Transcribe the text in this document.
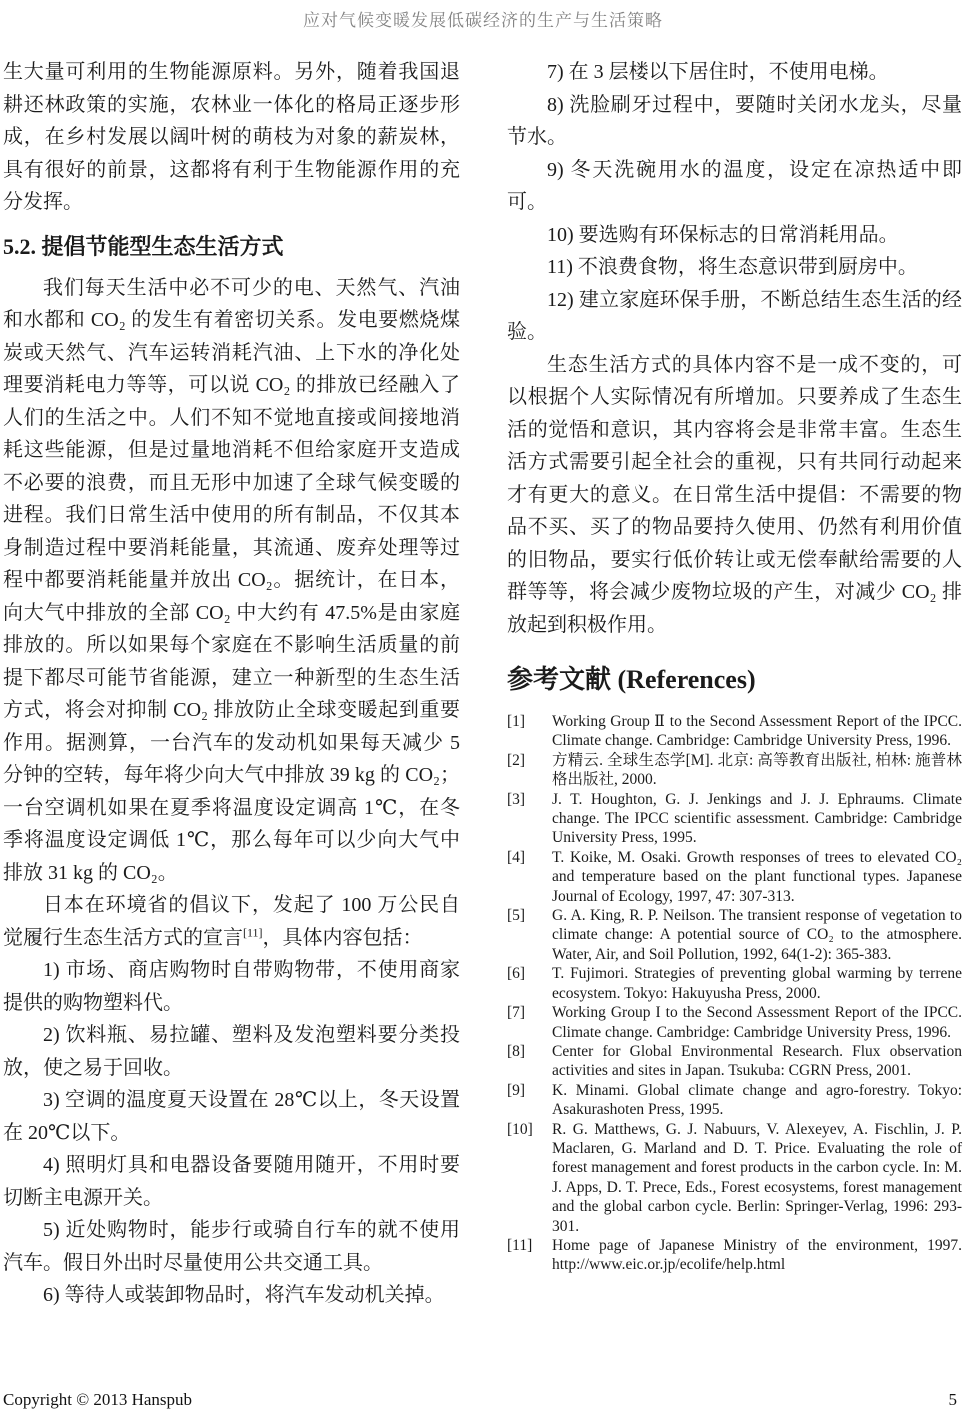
应对气候变暖发展低碳经济的生产与生活策略

生大量可利用的生物能源原料。另外，随着我国退耕还林政策的实施，农林业一体化的格局正逐步形成，在乡村发展以阔叶树的萌枝为对象的薪炭林，具有很好的前景，这都将有利于生物能源作用的充分发挥。

5.2. 提倡节能型生态生活方式

我们每天生活中必不可少的电、天然气、汽油和水都和 CO₂ 的发生有着密切关系。发电要燃烧煤炭或天然气、汽车运转消耗汽油、上下水的净化处理要消耗电力等等，可以说 CO₂ 的排放已经融入了人们的生活之中。人们不知不觉地直接或间接地消耗这些能源，但是过量地消耗不但给家庭开支造成不必要的浪费，而且无形中加速了全球气候变暖的进程。我们日常生活中使用的所有制品，不仅其本身制造过程中要消耗能量，其流通、废弃处理等过程中都要消耗能量并放出 CO₂。据统计，在日本，向大气中排放的全部 CO₂ 中大约有 47.5%是由家庭排放的。所以如果每个家庭在不影响生活质量的前提下都尽可能节省能源，建立一种新型的生态生活方式，将会对抑制 CO₂ 排放防止全球变暖起到重要作用。据测算，一台汽车的发动机如果每天减少 5 分钟的空转，每年将少向大气中排放 39 kg 的 CO₂；一台空调机如果在夏季将温度设定调高 1℃，在冬季将温度设定调低 1℃，那么每年可以少向大气中排放 31 kg 的 CO₂。

日本在环境省的倡议下，发起了 100 万公民自觉履行生态生活方式的宣言[11]，具体内容包括：

1) 市场、商店购物时自带购物带，不使用商家提供的购物塑料代。

2) 饮料瓶、易拉罐、塑料及发泡塑料要分类投放，使之易于回收。

3) 空调的温度夏天设置在 28℃以上，冬天设置在 20℃以下。

4) 照明灯具和电器设备要随用随开，不用时要切断主电源开关。

5) 近处购物时，能步行或骑自行车的就不使用汽车。假日外出时尽量使用公共交通工具。

6) 等待人或装卸物品时，将汽车发动机关掉。

7) 在 3 层楼以下居住时，不使用电梯。

8) 洗脸刷牙过程中，要随时关闭水龙头，尽量节水。

9) 冬天洗碗用水的温度，设定在凉热适中即可。

10) 要选购有环保标志的日常消耗用品。

11) 不浪费食物，将生态意识带到厨房中。

12) 建立家庭环保手册，不断总结生态生活的经验。

生态生活方式的具体内容不是一成不变的，可以根据个人实际情况有所增加。只要养成了生态生活的觉悟和意识，其内容将会是非常丰富。生态生活方式需要引起全社会的重视，只有共同行动起来才有更大的意义。在日常生活中提倡：不需要的物品不买、买了的物品要持久使用、仍然有利用价值的旧物品，要实行低价转让或无偿奉献给需要的人群等等，将会减少废物垃圾的产生，对减少 CO₂ 排放起到积极作用。

参考文献 (References)
[1] Working Group Ⅱ to the Second Assessment Report of the IPCC. Climate change. Cambridge: Cambridge University Press, 1996.
[2] 方精云. 全球生态学[M]. 北京: 高等教育出版社, 柏林: 施普林格出版社, 2000.
[3] J. T. Houghton, G. J. Jenkings and J. J. Ephraums. Climate change. The IPCC scientific assessment. Cambridge: Cambridge University Press, 1995.
[4] T. Koike, M. Osaki. Growth responses of trees to elevated CO₂ and temperature based on the plant functional types. Japanese Journal of Ecology, 1997, 47: 307-313.
[5] G. A. King, R. P. Neilson. The transient response of vegetation to climate change: A potential source of CO₂ to the atmosphere. Water, Air, and Soil Pollution, 1992, 64(1-2): 365-383.
[6] T. Fujimori. Strategies of preventing global warming by terrene ecosystem. Tokyo: Hakuyusha Press, 2000.
[7] Working Group I to the Second Assessment Report of the IPCC. Climate change. Cambridge: Cambridge University Press, 1996.
[8] Center for Global Environmental Research. Flux observation activities and sites in Japan. Tsukuba: CGRN Press, 2001.
[9] K. Minami. Global climate change and agro-forestry. Tokyo: Asakurashoten Press, 1995.
[10] R. G. Matthews, G. J. Nabuurs, V. Alexeyev, A. Fischlin, J. P. Maclaren, G. Marland and D. T. Price. Evaluating the role of forest management and forest products in the carbon cycle. In: M. J. Apps, D. T. Prece, Eds., Forest ecosystems, forest management and the global carbon cycle. Berlin: Springer-Verlag, 1996: 293-301.
[11] Home page of Japanese Ministry of the environment, 1997. http://www.eic.or.jp/ecolife/help.html
Copyright © 2013 Hanspub	5
